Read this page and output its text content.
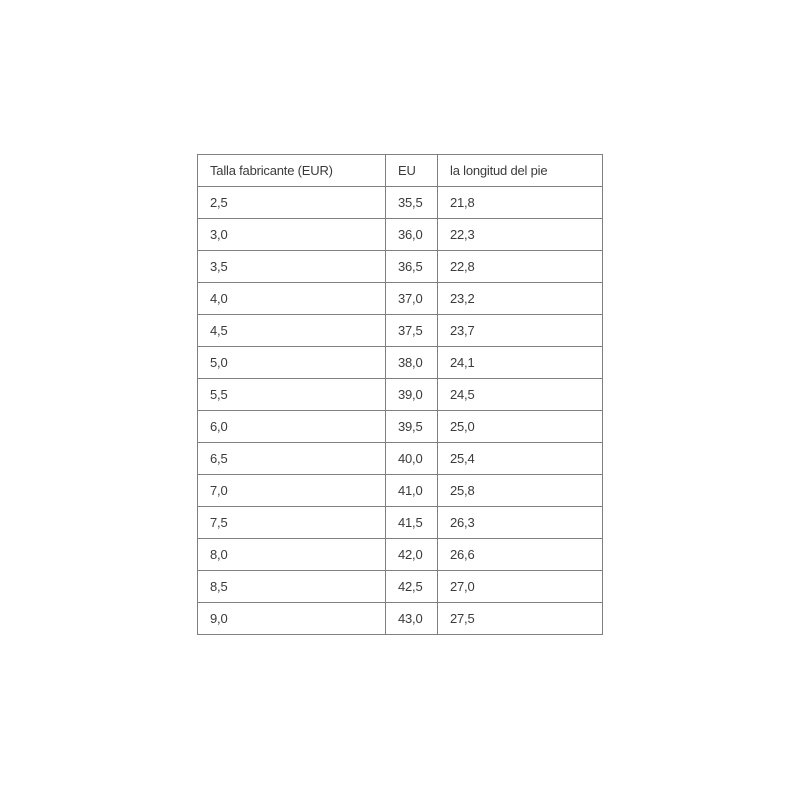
Talla fabricante (EUR)	EU	la longitud del pie
2,5	35,5	21,8
3,0	36,0	22,3
3,5	36,5	22,8
4,0	37,0	23,2
4,5	37,5	23,7
5,0	38,0	24,1
5,5	39,0	24,5
6,0	39,5	25,0
6,5	40,0	25,4
7,0	41,0	25,8
7,5	41,5	26,3
8,0	42,0	26,6
8,5	42,5	27,0
9,0	43,0	27,5
